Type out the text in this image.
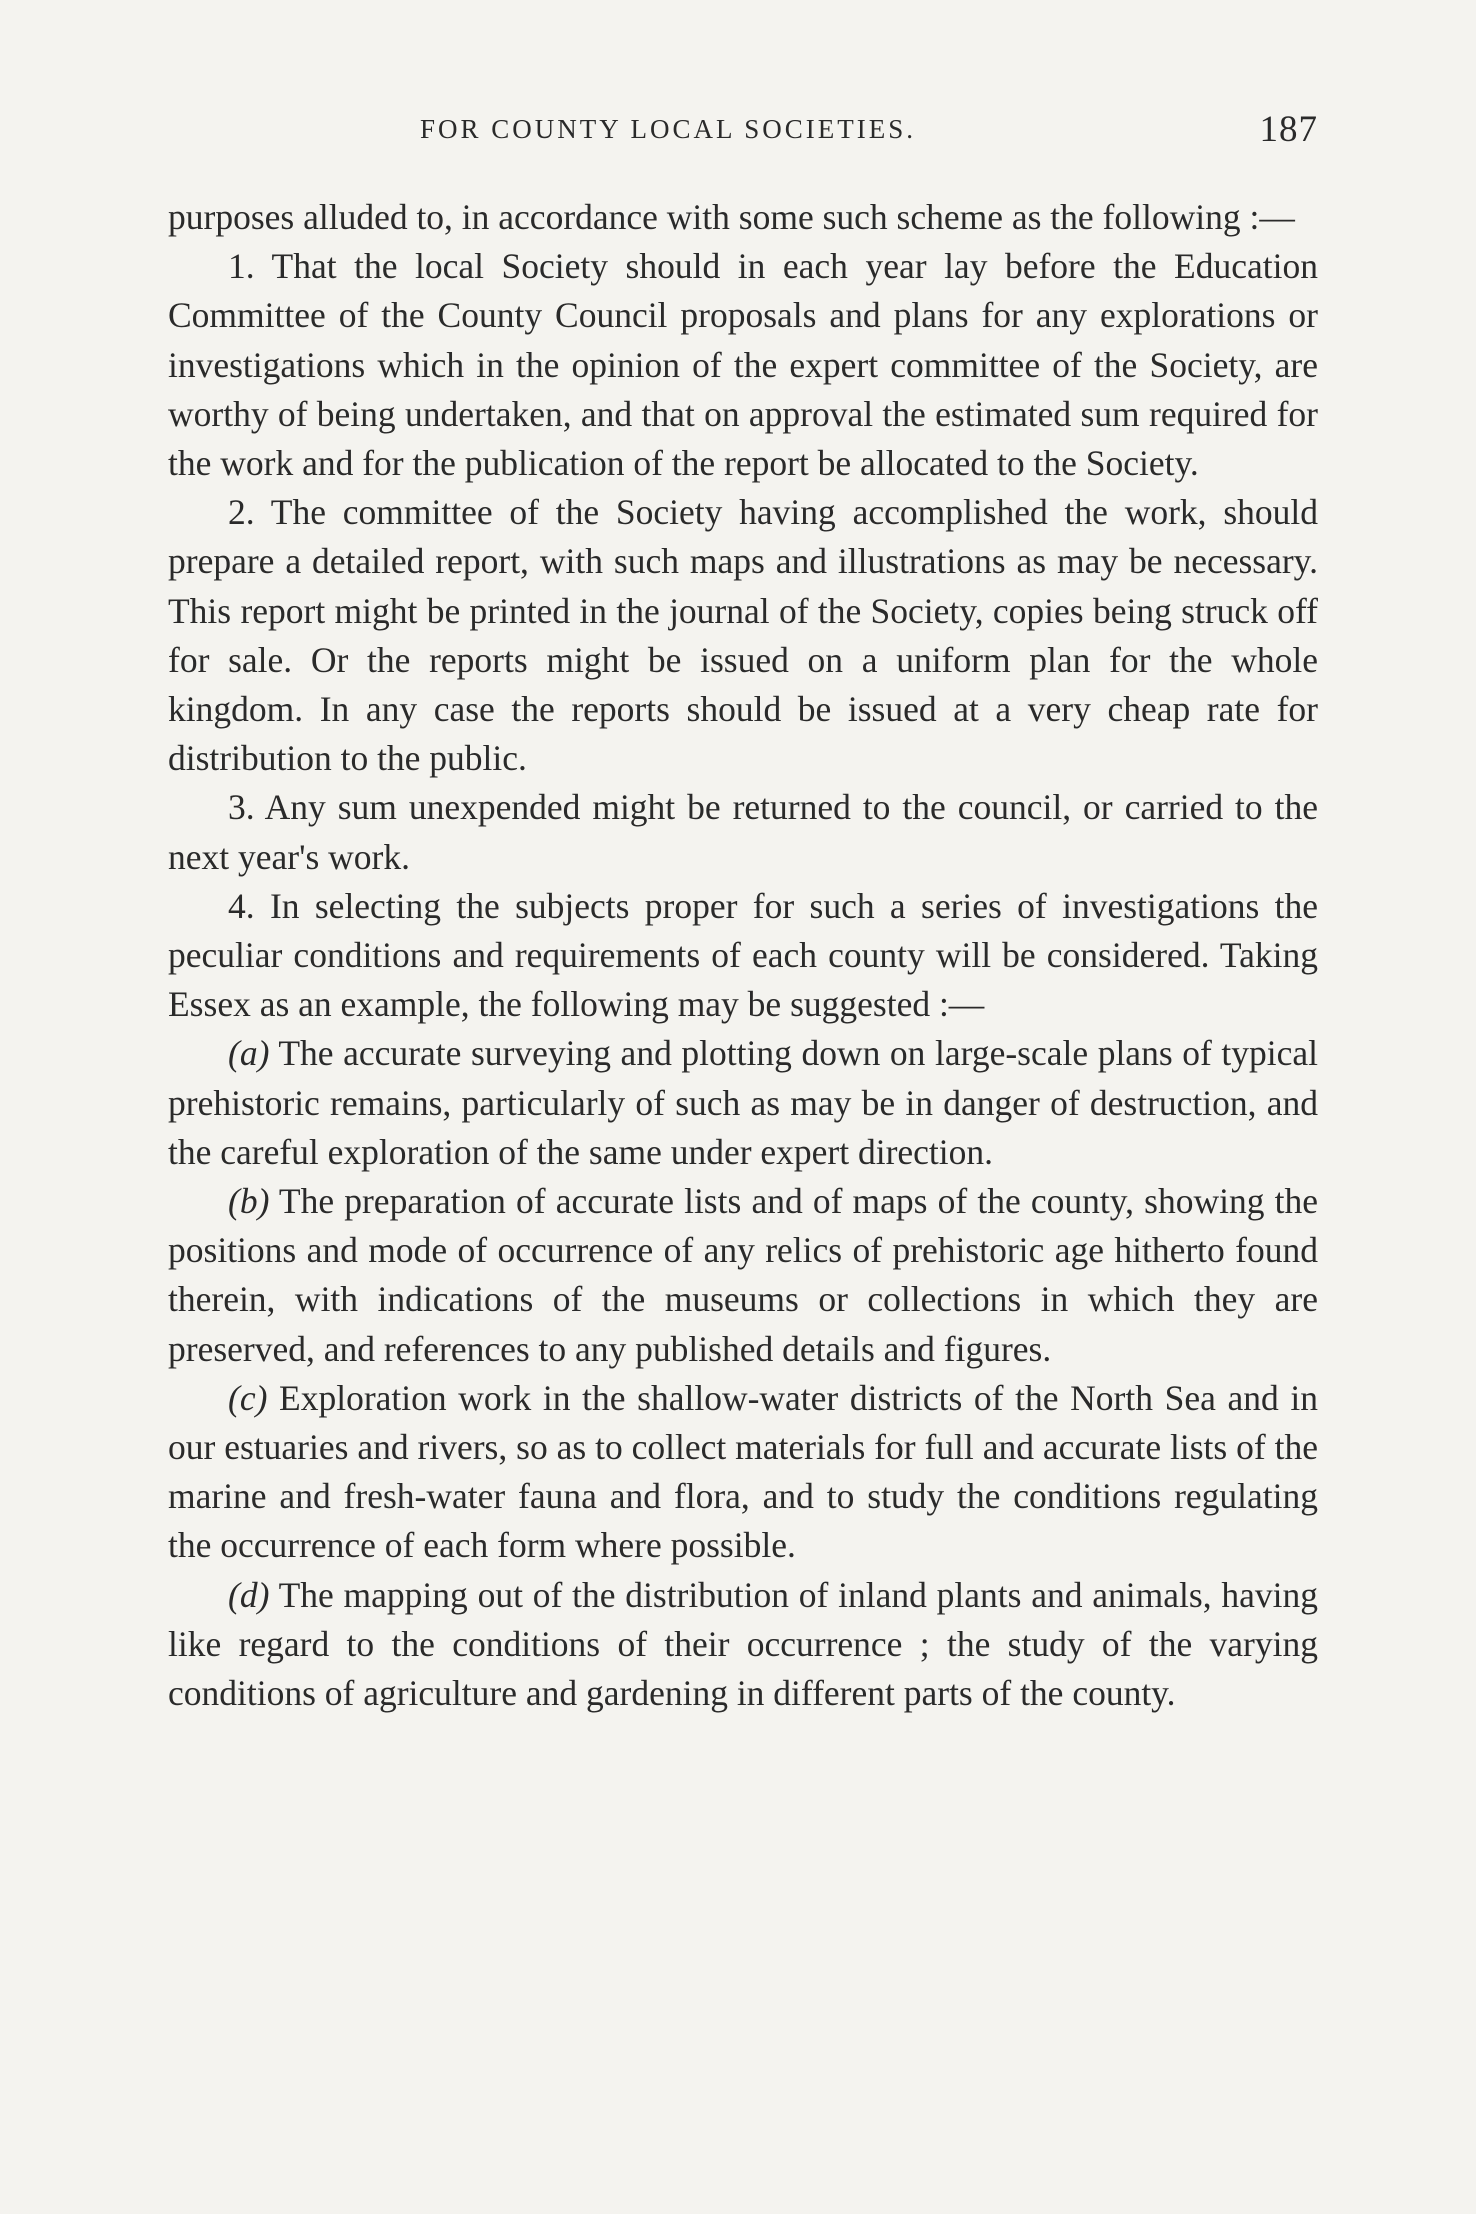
FOR COUNTY LOCAL SOCIETIES.	187

purposes alluded to, in accordance with some such scheme as the following :—

1. That the local Society should in each year lay before the Education Committee of the County Council proposals and plans for any explorations or investigations which in the opinion of the expert committee of the Society, are worthy of being undertaken, and that on approval the estimated sum required for the work and for the publication of the report be allocated to the Society.

2. The committee of the Society having accomplished the work, should prepare a detailed report, with such maps and illustrations as may be necessary. This report might be printed in the journal of the Society, copies being struck off for sale. Or the reports might be issued on a uniform plan for the whole kingdom. In any case the reports should be issued at a very cheap rate for distribution to the public.

3. Any sum unexpended might be returned to the council, or carried to the next year's work.

4. In selecting the subjects proper for such a series of investigations the peculiar conditions and requirements of each county will be considered. Taking Essex as an example, the following may be suggested :—

(a) The accurate surveying and plotting down on large-scale plans of typical prehistoric remains, particularly of such as may be in danger of destruction, and the careful exploration of the same under expert direction.

(b) The preparation of accurate lists and of maps of the county, showing the positions and mode of occurrence of any relics of prehistoric age hitherto found therein, with indications of the museums or collections in which they are preserved, and references to any published details and figures.

(c) Exploration work in the shallow-water districts of the North Sea and in our estuaries and rivers, so as to collect materials for full and accurate lists of the marine and fresh-water fauna and flora, and to study the conditions regulating the occurrence of each form where possible.

(d) The mapping out of the distribution of inland plants and animals, having like regard to the conditions of their occurrence ; the study of the varying conditions of agriculture and gardening in different parts of the county.
